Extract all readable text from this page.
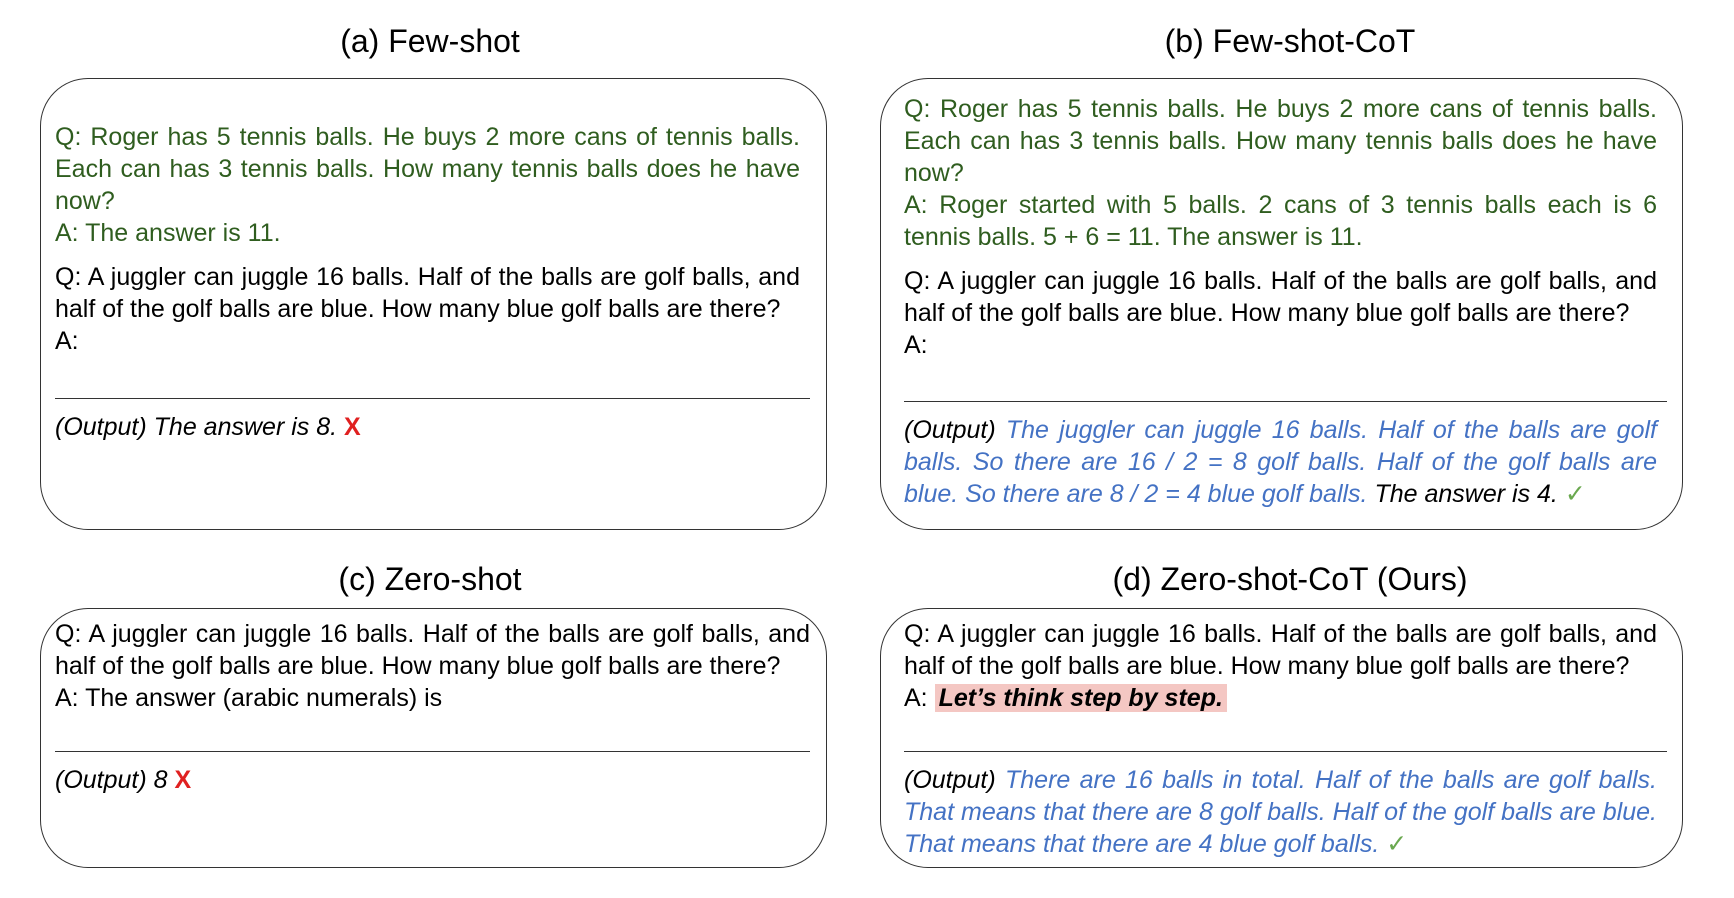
(a) Few-shot	(b) Few-shot-CoT
(c) Zero-shot	(d) Zero-shot-CoT (Ours)

Q: Roger has 5 tennis balls. He buys 2 more cans of tennis balls. Each can has 3 tennis balls. How many tennis balls does he have now?

A: The answer is 11.

Q: A juggler can juggle 16 balls. Half of the balls are golf balls, and half of the golf balls are blue. How many blue golf balls are there?

A:

(Output) The answer is 8. X

Q: Roger has 5 tennis balls. He buys 2 more cans of tennis balls. Each can has 3 tennis balls. How many tennis balls does he have now?

A: Roger started with 5 balls. 2 cans of 3 tennis balls each is 6 tennis balls. 5 + 6 = 11. The answer is 11.

Q: A juggler can juggle 16 balls. Half of the balls are golf balls, and half of the golf balls are blue. How many blue golf balls are there?

A:

(Output) The juggler can juggle 16 balls. Half of the balls are golf balls. So there are 16 / 2 = 8 golf balls. Half of the golf balls are blue. So there are 8 / 2 = 4 blue golf balls. The answer is 4. ✓

Q: A juggler can juggle 16 balls. Half of the balls are golf balls, and half of the golf balls are blue. How many blue golf balls are there?

A: The answer (arabic numerals) is

(Output) 8 X

Q: A juggler can juggle 16 balls. Half of the balls are golf balls, and half of the golf balls are blue. How many blue golf balls are there?

A: Let’s think step by step.

(Output) There are 16 balls in total. Half of the balls are golf balls. That means that there are 8 golf balls. Half of the golf balls are blue. That means that there are 4 blue golf balls. ✓
